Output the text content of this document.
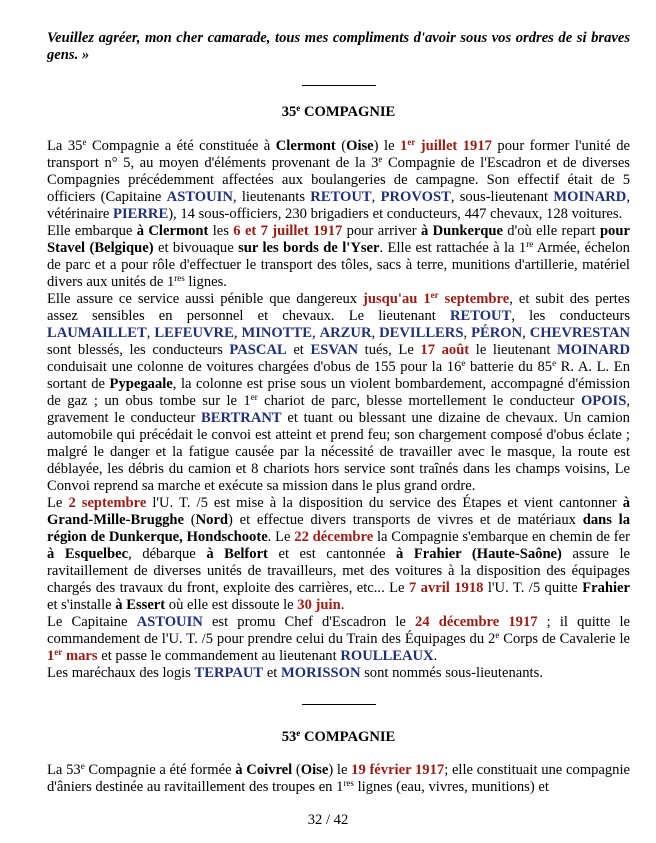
Veuillez agréer, mon cher camarade, tous mes compliments d'avoir sous vos ordres de si braves gens. »

35e COMPAGNIE

La 35e Compagnie a été constituée à Clermont (Oise) le 1er juillet 1917 pour former l'unité de transport n° 5, au moyen d'éléments provenant de la 3e Compagnie de l'Escadron et de diverses Compagnies précédemment affectées aux boulangeries de campagne. Son effectif était de 5 officiers (Capitaine ASTOUIN, lieutenants RETOUT, PROVOST, sous-lieutenant MOINARD, vétérinaire PIERRE), 14 sous-officiers, 230 brigadiers et conducteurs, 447 chevaux, 128 voitures.

Elle embarque à Clermont les 6 et 7 juillet 1917 pour arriver à Dunkerque d'où elle repart pour Stavel (Belgique) et bivouaque sur les bords de l'Yser. Elle est rattachée à la 1re Armée, échelon de parc et a pour rôle d'effectuer le transport des tôles, sacs à terre, munitions d'artillerie, matériel divers aux unités de 1res lignes.

Elle assure ce service aussi pénible que dangereux jusqu'au 1er septembre, et subit des pertes assez sensibles en personnel et chevaux. Le lieutenant RETOUT, les conducteurs LAUMAILLET, LEFEUVRE, MINOTTE, ARZUR, DEVILLERS, PÉRON, CHEVRESTAN sont blessés, les conducteurs PASCAL et ESVAN tués, Le 17 août le lieutenant MOINARD conduisait une colonne de voitures chargées d'obus de 155 pour la 16e batterie du 85e R. A. L. En sortant de Pypegaale, la colonne est prise sous un violent bombardement, accompagné d'émission de gaz ; un obus tombe sur le 1er chariot de parc, blesse mortellement le conducteur OPOIS, gravement le conducteur BERTRANT et tuant ou blessant une dizaine de chevaux. Un camion automobile qui précédait le convoi est atteint et prend feu; son chargement composé d'obus éclate ; malgré le danger et la fatigue causée par la nécessité de travailler avec le masque, la route est déblayée, les débris du camion et 8 chariots hors service sont traînés dans les champs voisins, Le Convoi reprend sa marche et exécute sa mission dans le plus grand ordre.

Le 2 septembre l'U. T. /5 est mise à la disposition du service des Étapes et vient cantonner à Grand-Mille-Brugghe (Nord) et effectue divers transports de vivres et de matériaux dans la région de Dunkerque, Hondschoote. Le 22 décembre la Compagnie s'embarque en chemin de fer à Esquelbec, débarque à Belfort et est cantonnée à Frahier (Haute-Saône) assure le ravitaillement de diverses unités de travailleurs, met des voitures à la disposition des équipages chargés des travaux du front, exploite des carrières, etc... Le 7 avril 1918 l'U. T. /5 quitte Frahier et s'installe à Essert où elle est dissoute le 30 juin.

Le Capitaine ASTOUIN est promu Chef d'Escadron le 24 décembre 1917 ; il quitte le commandement de l'U. T. /5 pour prendre celui du Train des Équipages du 2e Corps de Cavalerie le 1er mars et passe le commandement au lieutenant ROULLEAUX.

Les maréchaux des logis TERPAUT et MORISSON sont nommés sous-lieutenants.

53e COMPAGNIE

La 53e Compagnie a été formée à Coivrel (Oise) le 19 février 1917; elle constituait une compagnie d'âniers destinée au ravitaillement des troupes en 1res lignes (eau, vivres, munitions) et

32 / 42
